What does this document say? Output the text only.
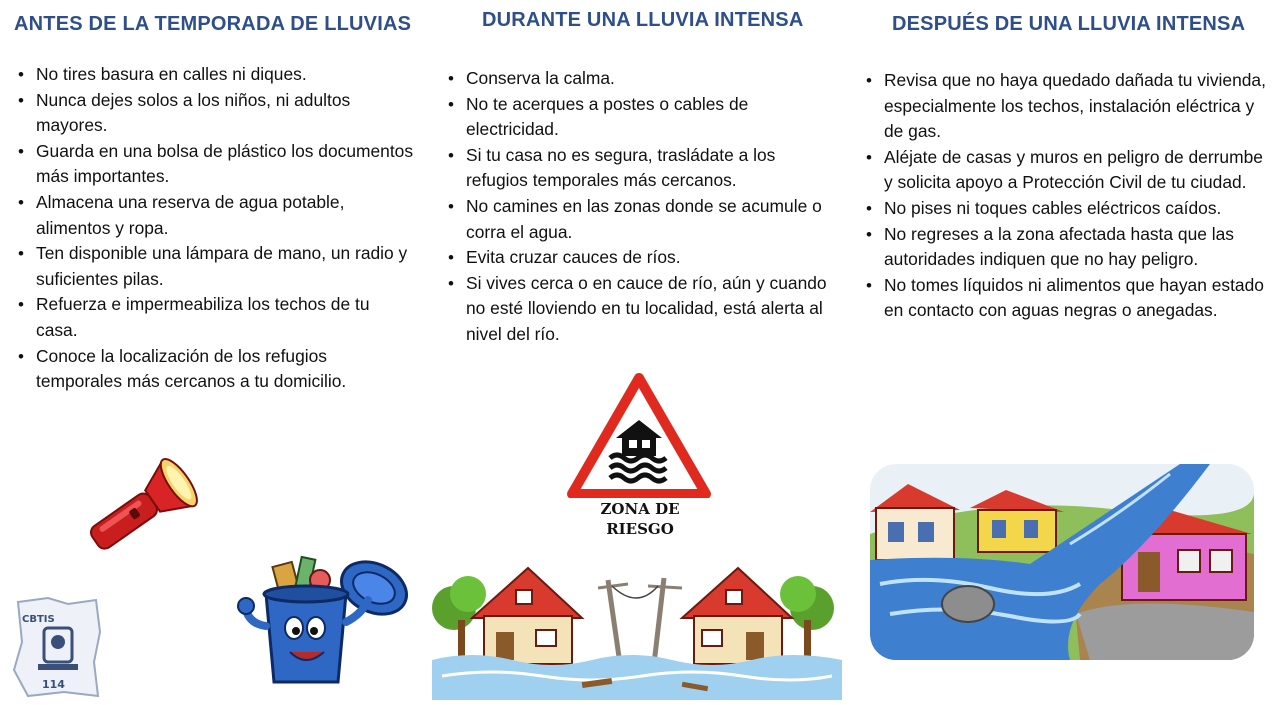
ANTES DE LA TEMPORADA DE LLUVIAS
• No tires basura en calles ni diques.
• Nunca dejes solos a los niños, ni adultos mayores.
• Guarda en una bolsa de plástico los documentos más importantes.
• Almacena una reserva de agua potable, alimentos y ropa.
• Ten disponible una lámpara de mano, un radio y suficientes pilas.
• Refuerza e impermeabiliza los techos de tu casa.
• Conoce la localización de los refugios temporales más cercanos a tu domicilio.
DURANTE UNA LLUVIA INTENSA
• Conserva la calma.
• No te acerques a postes o cables de electricidad.
• Si tu casa no es segura, trasládate a los refugios temporales más cercanos.
• No camines en las zonas donde se acumule o corra el agua.
• Evita cruzar cauces de ríos.
• Si vives cerca o en cauce de río, aún y cuando no esté lloviendo en tu localidad, está alerta al nivel del río.
DESPUÉS DE UNA LLUVIA INTENSA
• Revisa que no haya quedado dañada tu vivienda, especialmente los techos, instalación eléctrica y de gas.
• Aléjate de casas y muros en peligro de derrumbe y solicita apoyo a Protección Civil de tu ciudad.
• No pises ni toques cables eléctricos caídos.
• No regreses a la zona afectada hasta que las autoridades indiquen que no hay peligro.
• No tomes líquidos ni alimentos que hayan estado en contacto con aguas negras o anegadas.
CBTIS
114
ZONA DE
RIESGO
